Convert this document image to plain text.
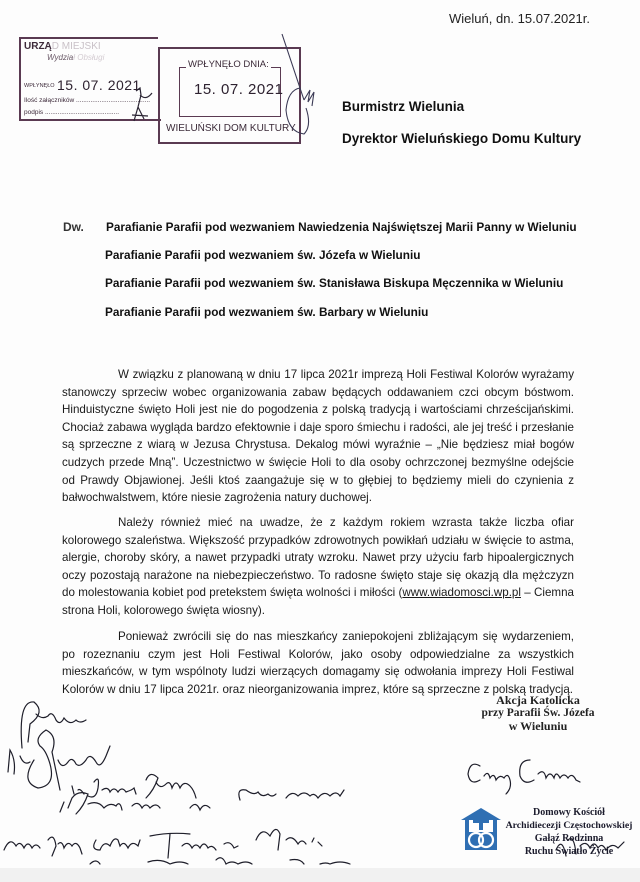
URZĄD MIEJSKI
Wydział Obsługi
WPŁYNĘŁO 15. 07. 2021
Ilość załączników .........................................
podpis .........................................
WPŁYNĘŁO DNIA:
15. 07. 2021
WIELUŃSKI DOM KULTURY
Wieluń, dn. 15.07.2021r.
Burmistrz Wielunia
Dyrektor Wieluńskiego Domu Kultury
Dw. Parafianie Parafii pod wezwaniem Nawiedzenia Najświętszej Marii Panny w Wieluniu
Parafianie Parafii pod wezwaniem św. Józefa w Wieluniu
Parafianie Parafii pod wezwaniem św. Stanisława Biskupa Męczennika w Wieluniu
Parafianie Parafii pod wezwaniem św. Barbary w Wieluniu

W związku z planowaną w dniu 17 lipca 2021r imprezą Holi Festiwal Kolorów wyrażamy stanowczy sprzeciw wobec organizowania zabaw będących oddawaniem czci obcym bóstwom. Hinduistyczne święto Holi jest nie do pogodzenia z polską tradycją i wartościami chrześcijańskimi. Chociaż zabawa wygląda bardzo efektownie i daje sporo śmiechu i radości, ale jej treść i przesłanie są sprzeczne z wiarą w Jezusa Chrystusa. Dekalog mówi wyraźnie – „Nie będziesz miał bogów cudzych przede Mną”. Uczestnictwo w święcie Holi to dla osoby ochrzczonej bezmyślne odejście od Prawdy Objawionej. Jeśli ktoś zaangażuje się w to głębiej to będziemy mieli do czynienia z bałwochwalstwem, które niesie zagrożenia natury duchowej.

Należy również mieć na uwadze, że z każdym rokiem wzrasta także liczba ofiar kolorowego szaleństwa. Większość przypadków zdrowotnych powikłań udziału w święcie to astma, alergie, choroby skóry, a nawet przypadki utraty wzroku. Nawet przy użyciu farb hipoalergicznych oczy pozostają narażone na niebezpieczeństwo. To radosne święto staje się okazją dla mężczyzn do molestowania kobiet pod pretekstem święta wolności i miłości (www.wiadomosci.wp.pl – Ciemna strona Holi, kolorowego święta wiosny).

Ponieważ zwrócili się do nas mieszkańcy zaniepokojeni zbliżającym się wydarzeniem, po rozeznaniu czym jest Holi Festiwal Kolorów, jako osoby odpowiedzialne za wszystkich mieszkańców, w tym wspólnoty ludzi wierzących domagamy się odwołania imprezy Holi Festiwal Kolorów w dniu 17 lipca 2021r. oraz nieorganizowania imprez, które są sprzeczne z polską tradycją.

Akcja Katolicka
przy Parafii Św. Józefa
w Wieluniu
Domowy Kościół
Archidiecezji Częstochowskiej
Gałąź Rodzinna
Ruchu Światło Życie
